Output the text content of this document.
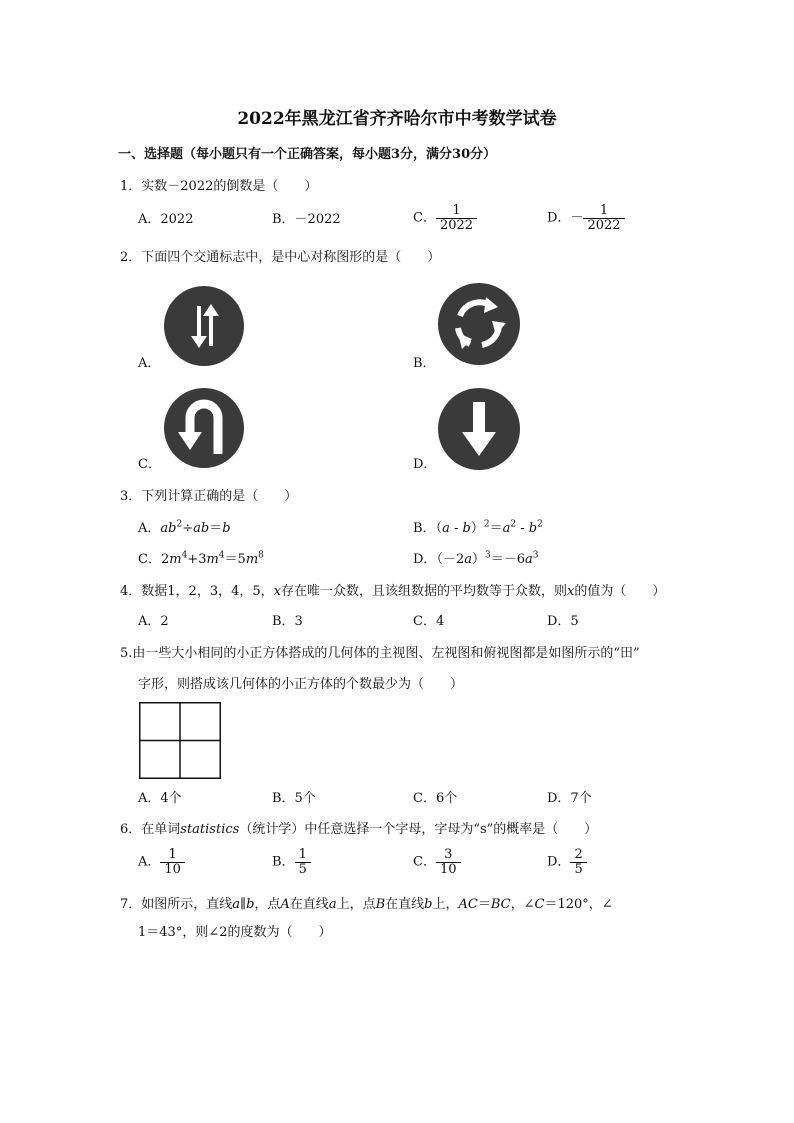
2022年黑龙江省齐齐哈尔市中考数学试卷
一、选择题（每小题只有一个正确答案，每小题3分，满分30分）
1．实数－2022的倒数是（　　）
A．2022	B．－2022	C． $\frac{1}{2022}$	D．－ $\frac{1}{2022}$
2．下面四个交通标志中，是中心对称图形的是（　　）
A．	B．
C．	D．
3．下列计算正确的是（　　）
A．$ab^2\div ab=b$	B．$(a - b)^2=a^2 - b^2$
C．$2m^4+3m^4=5m^8$	D．$(-2a)^3=-6a^3$
4．数据1，2，3，4，5，x存在唯一众数，且该组数据的平均数等于众数，则x的值为（　　）
A．2	B．3	C．4	D．5
5.由一些大小相同的小正方体搭成的几何体的主视图、左视图和俯视图都是如图所示的“田”
字形，则搭成该几何体的小正方体的个数最少为（　　）
A．4个	B．5个	C．6个	D．7个
6．在单词statistics（统计学）中任意选择一个字母，字母为“s”的概率是（　　）
A． $\frac{1}{10}$	B． $\frac{1}{5}$	C． $\frac{3}{10}$	D． $\frac{2}{5}$
7．如图所示，直线a∥b，点A在直线a上，点B在直线b上，AC＝BC，∠C＝120°，∠
1＝43°，则∠2的度数为（　　）
